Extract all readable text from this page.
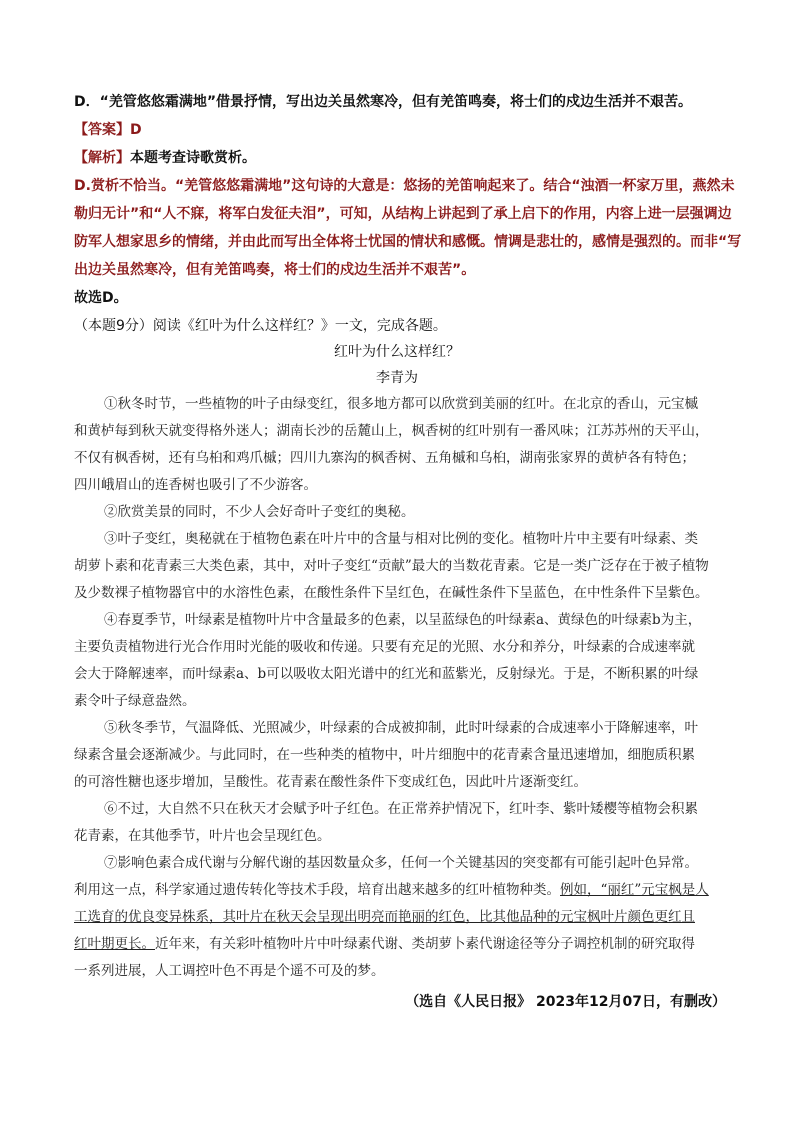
D．“羌管悠悠霜满地”借景抒情，写出边关虽然寒冷，但有羌笛鸣奏，将士们的戍边生活并不艰苦。
【答案】D
【解析】本题考查诗歌赏析。
D.赏析不恰当。“羌管悠悠霜满地”这句诗的大意是：悠扬的羌笛响起来了。结合“浊酒一杯家万里，燕然未
勒归无计”和“人不寐，将军白发征夫泪”，可知，从结构上讲起到了承上启下的作用，内容上进一层强调边
防军人想家思乡的情绪，并由此而写出全体将士忧国的情状和感慨。情调是悲壮的，感情是强烈的。而非“写
出边关虽然寒冷，但有羌笛鸣奏，将士们的戍边生活并不艰苦”。
故选D。
（本题9分）阅读《红叶为什么这样红？》一文，完成各题。
红叶为什么这样红？
李青为
①秋冬时节，一些植物的叶子由绿变红，很多地方都可以欣赏到美丽的红叶。在北京的香山，元宝槭
和黄栌每到秋天就变得格外迷人；湖南长沙的岳麓山上，枫香树的红叶别有一番风味；江苏苏州的天平山，
不仅有枫香树，还有乌桕和鸡爪槭；四川九寨沟的枫香树、五角槭和乌桕，湖南张家界的黄栌各有特色；
四川峨眉山的连香树也吸引了不少游客。
②欣赏美景的同时，不少人会好奇叶子变红的奥秘。
③叶子变红，奥秘就在于植物色素在叶片中的含量与相对比例的变化。植物叶片中主要有叶绿素、类
胡萝卜素和花青素三大类色素，其中，对叶子变红“贡献”最大的当数花青素。它是一类广泛存在于被子植物
及少数裸子植物器官中的水溶性色素，在酸性条件下呈红色，在碱性条件下呈蓝色，在中性条件下呈紫色。
④春夏季节，叶绿素是植物叶片中含量最多的色素，以呈蓝绿色的叶绿素a、黄绿色的叶绿素b为主，
主要负责植物进行光合作用时光能的吸收和传递。只要有充足的光照、水分和养分，叶绿素的合成速率就
会大于降解速率，而叶绿素a、b可以吸收太阳光谱中的红光和蓝紫光，反射绿光。于是，不断积累的叶绿
素令叶子绿意盎然。
⑤秋冬季节，气温降低、光照减少，叶绿素的合成被抑制，此时叶绿素的合成速率小于降解速率，叶
绿素含量会逐渐减少。与此同时，在一些种类的植物中，叶片细胞中的花青素含量迅速增加，细胞质积累
的可溶性糖也逐步增加，呈酸性。花青素在酸性条件下变成红色，因此叶片逐渐变红。
⑥不过，大自然不只在秋天才会赋予叶子红色。在正常养护情况下，红叶李、紫叶矮樱等植物会积累
花青素，在其他季节，叶片也会呈现红色。
⑦影响色素合成代谢与分解代谢的基因数量众多，任何一个关键基因的突变都有可能引起叶色异常。
利用这一点，科学家通过遗传转化等技术手段，培育出越来越多的红叶植物种类。例如，“丽红”元宝枫是人
工选育的优良变异株系，其叶片在秋天会呈现出明亮而艳丽的红色，比其他品种的元宝枫叶片颜色更红且
红叶期更长。近年来，有关彩叶植物叶片中叶绿素代谢、类胡萝卜素代谢途径等分子调控机制的研究取得
一系列进展，人工调控叶色不再是个遥不可及的梦。
（选自《人民日报》 2023年12月07日，有删改）
